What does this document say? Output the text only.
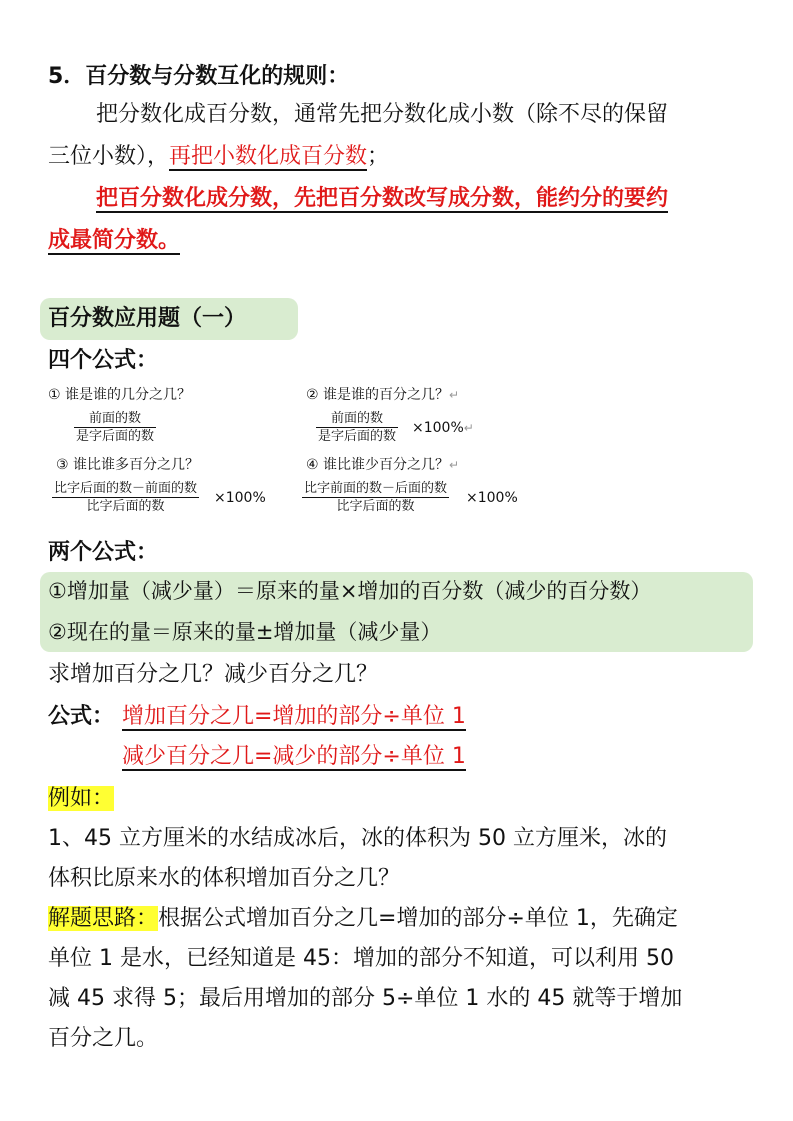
5．百分数与分数互化的规则：
把分数化成百分数，通常先把分数化成小数（除不尽的保留
三位小数），再把小数化成百分数；
把百分数化成分数，先把百分数改写成分数，能约分的要约
成最简分数。
百分数应用题（一）
四个公式：
① 谁是谁的几分之几？
前面的数
是字后面的数
② 谁是谁的百分之几？↵
前面的数
是字后面的数
×100%↵
③ 谁比谁多百分之几？
比字后面的数－前面的数
比字后面的数
×100%
④ 谁比谁少百分之几？↵
比字前面的数－后面的数
比字后面的数
×100%
两个公式：
①增加量（减少量）＝原来的量×增加的百分数（减少的百分数）
②现在的量＝原来的量±增加量（减少量）
求增加百分之几？减少百分之几？
公式： 增加百分之几=增加的部分÷单位 1
减少百分之几=减少的部分÷单位 1
例如：
1、45 立方厘米的水结成冰后，冰的体积为 50 立方厘米，冰的
体积比原来水的体积增加百分之几？
解题思路：根据公式增加百分之几=增加的部分÷单位 1，先确定
单位 1 是水，已经知道是 45：增加的部分不知道，可以利用 50
减 45 求得 5；最后用增加的部分 5÷单位 1 水的 45 就等于增加
百分之几。
